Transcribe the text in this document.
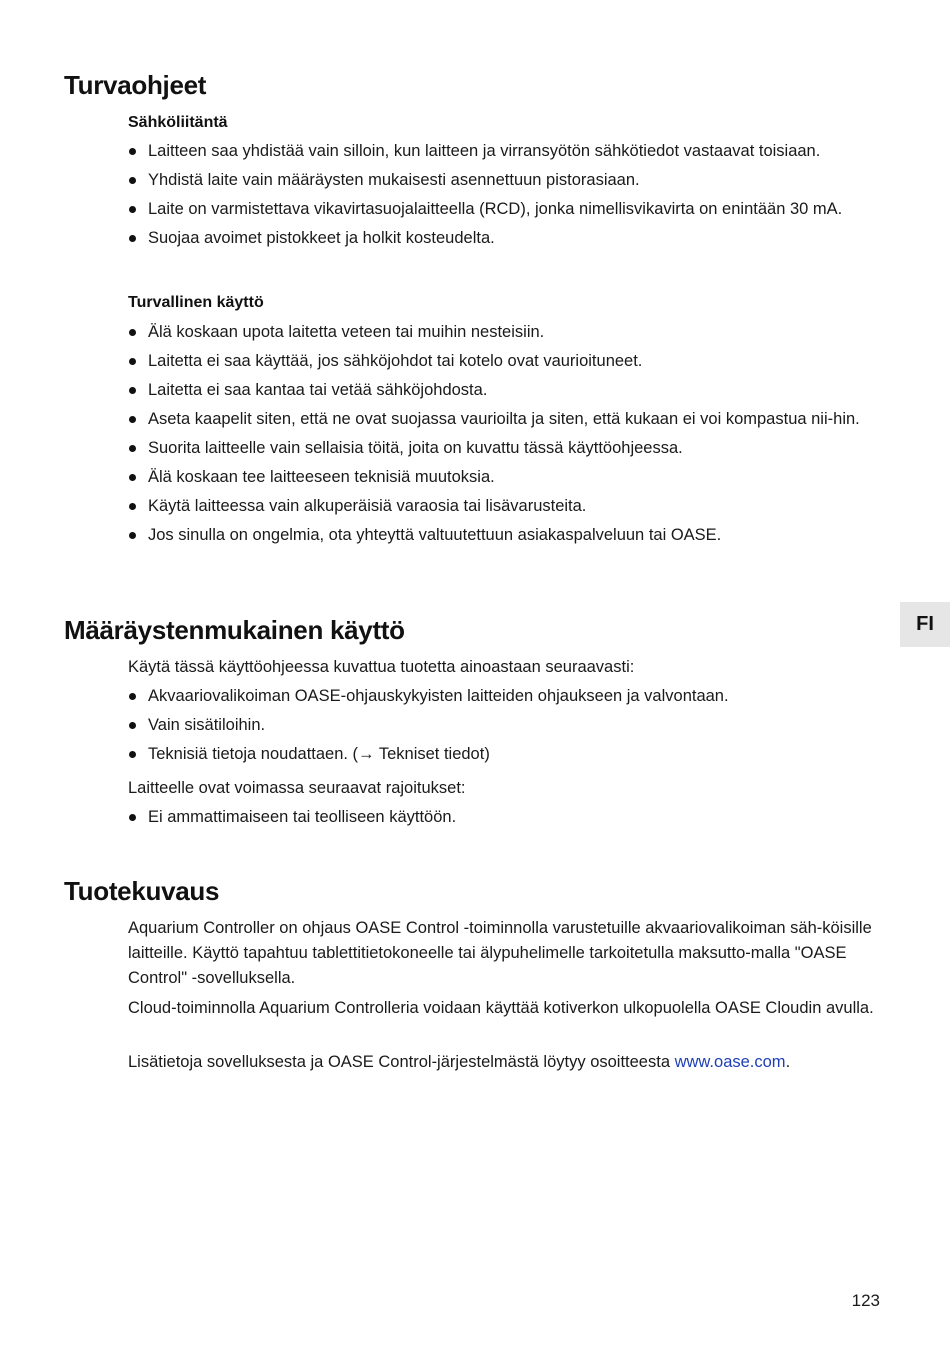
Turvaohjeet
Sähköliitäntä
Laitteen saa yhdistää vain silloin, kun laitteen ja virransyötön sähkötiedot vastaavat toisiaan.
Yhdistä laite vain määräysten mukaisesti asennettuun pistorasiaan.
Laite on varmistettava vikavirtasuojalaitteella (RCD), jonka nimellisvikavirta on enintään 30 mA.
Suojaa avoimet pistokkeet ja holkit kosteudelta.
Turvallinen käyttö
Älä koskaan upota laitetta veteen tai muihin nesteisiin.
Laitetta ei saa käyttää, jos sähköjohdot tai kotelo ovat vaurioituneet.
Laitetta ei saa kantaa tai vetää sähköjohdosta.
Aseta kaapelit siten, että ne ovat suojassa vaurioilta ja siten, että kukaan ei voi kompastua nii-hin.
Suorita laitteelle vain sellaisia töitä, joita on kuvattu tässä käyttöohjeessa.
Älä koskaan tee laitteeseen teknisiä muutoksia.
Käytä laitteessa vain alkuperäisiä varaosia tai lisävarusteita.
Jos sinulla on ongelmia, ota yhteyttä valtuutettuun asiakaspalveluun tai OASE.
Määräystenmukainen käyttö

Käytä tässä käyttöohjeessa kuvattua tuotetta ainoastaan seuraavasti:

Akvaariovalikoiman OASE-ohjauskykyisten laitteiden ohjaukseen ja valvontaan.
Vain sisätiloihin.
Teknisiä tietoja noudattaen. (→ Tekniset tiedot)

Laitteelle ovat voimassa seuraavat rajoitukset:

Ei ammattimaiseen tai teolliseen käyttöön.
Tuotekuvaus

Aquarium Controller on ohjaus OASE Control -toiminnolla varustetuille akvaariovalikoiman säh-köisille laitteille. Käyttö tapahtuu tablettitietokoneelle tai älypuhelimelle tarkoitetulla maksutto-malla "OASE Control" -sovelluksella.

Cloud-toiminnolla Aquarium Controlleria voidaan käyttää kotiverkon ulkopuolella OASE Cloudin avulla.

Lisätietoja sovelluksesta ja OASE Control-järjestelmästä löytyy osoitteesta www.oase.com.

FI
123
